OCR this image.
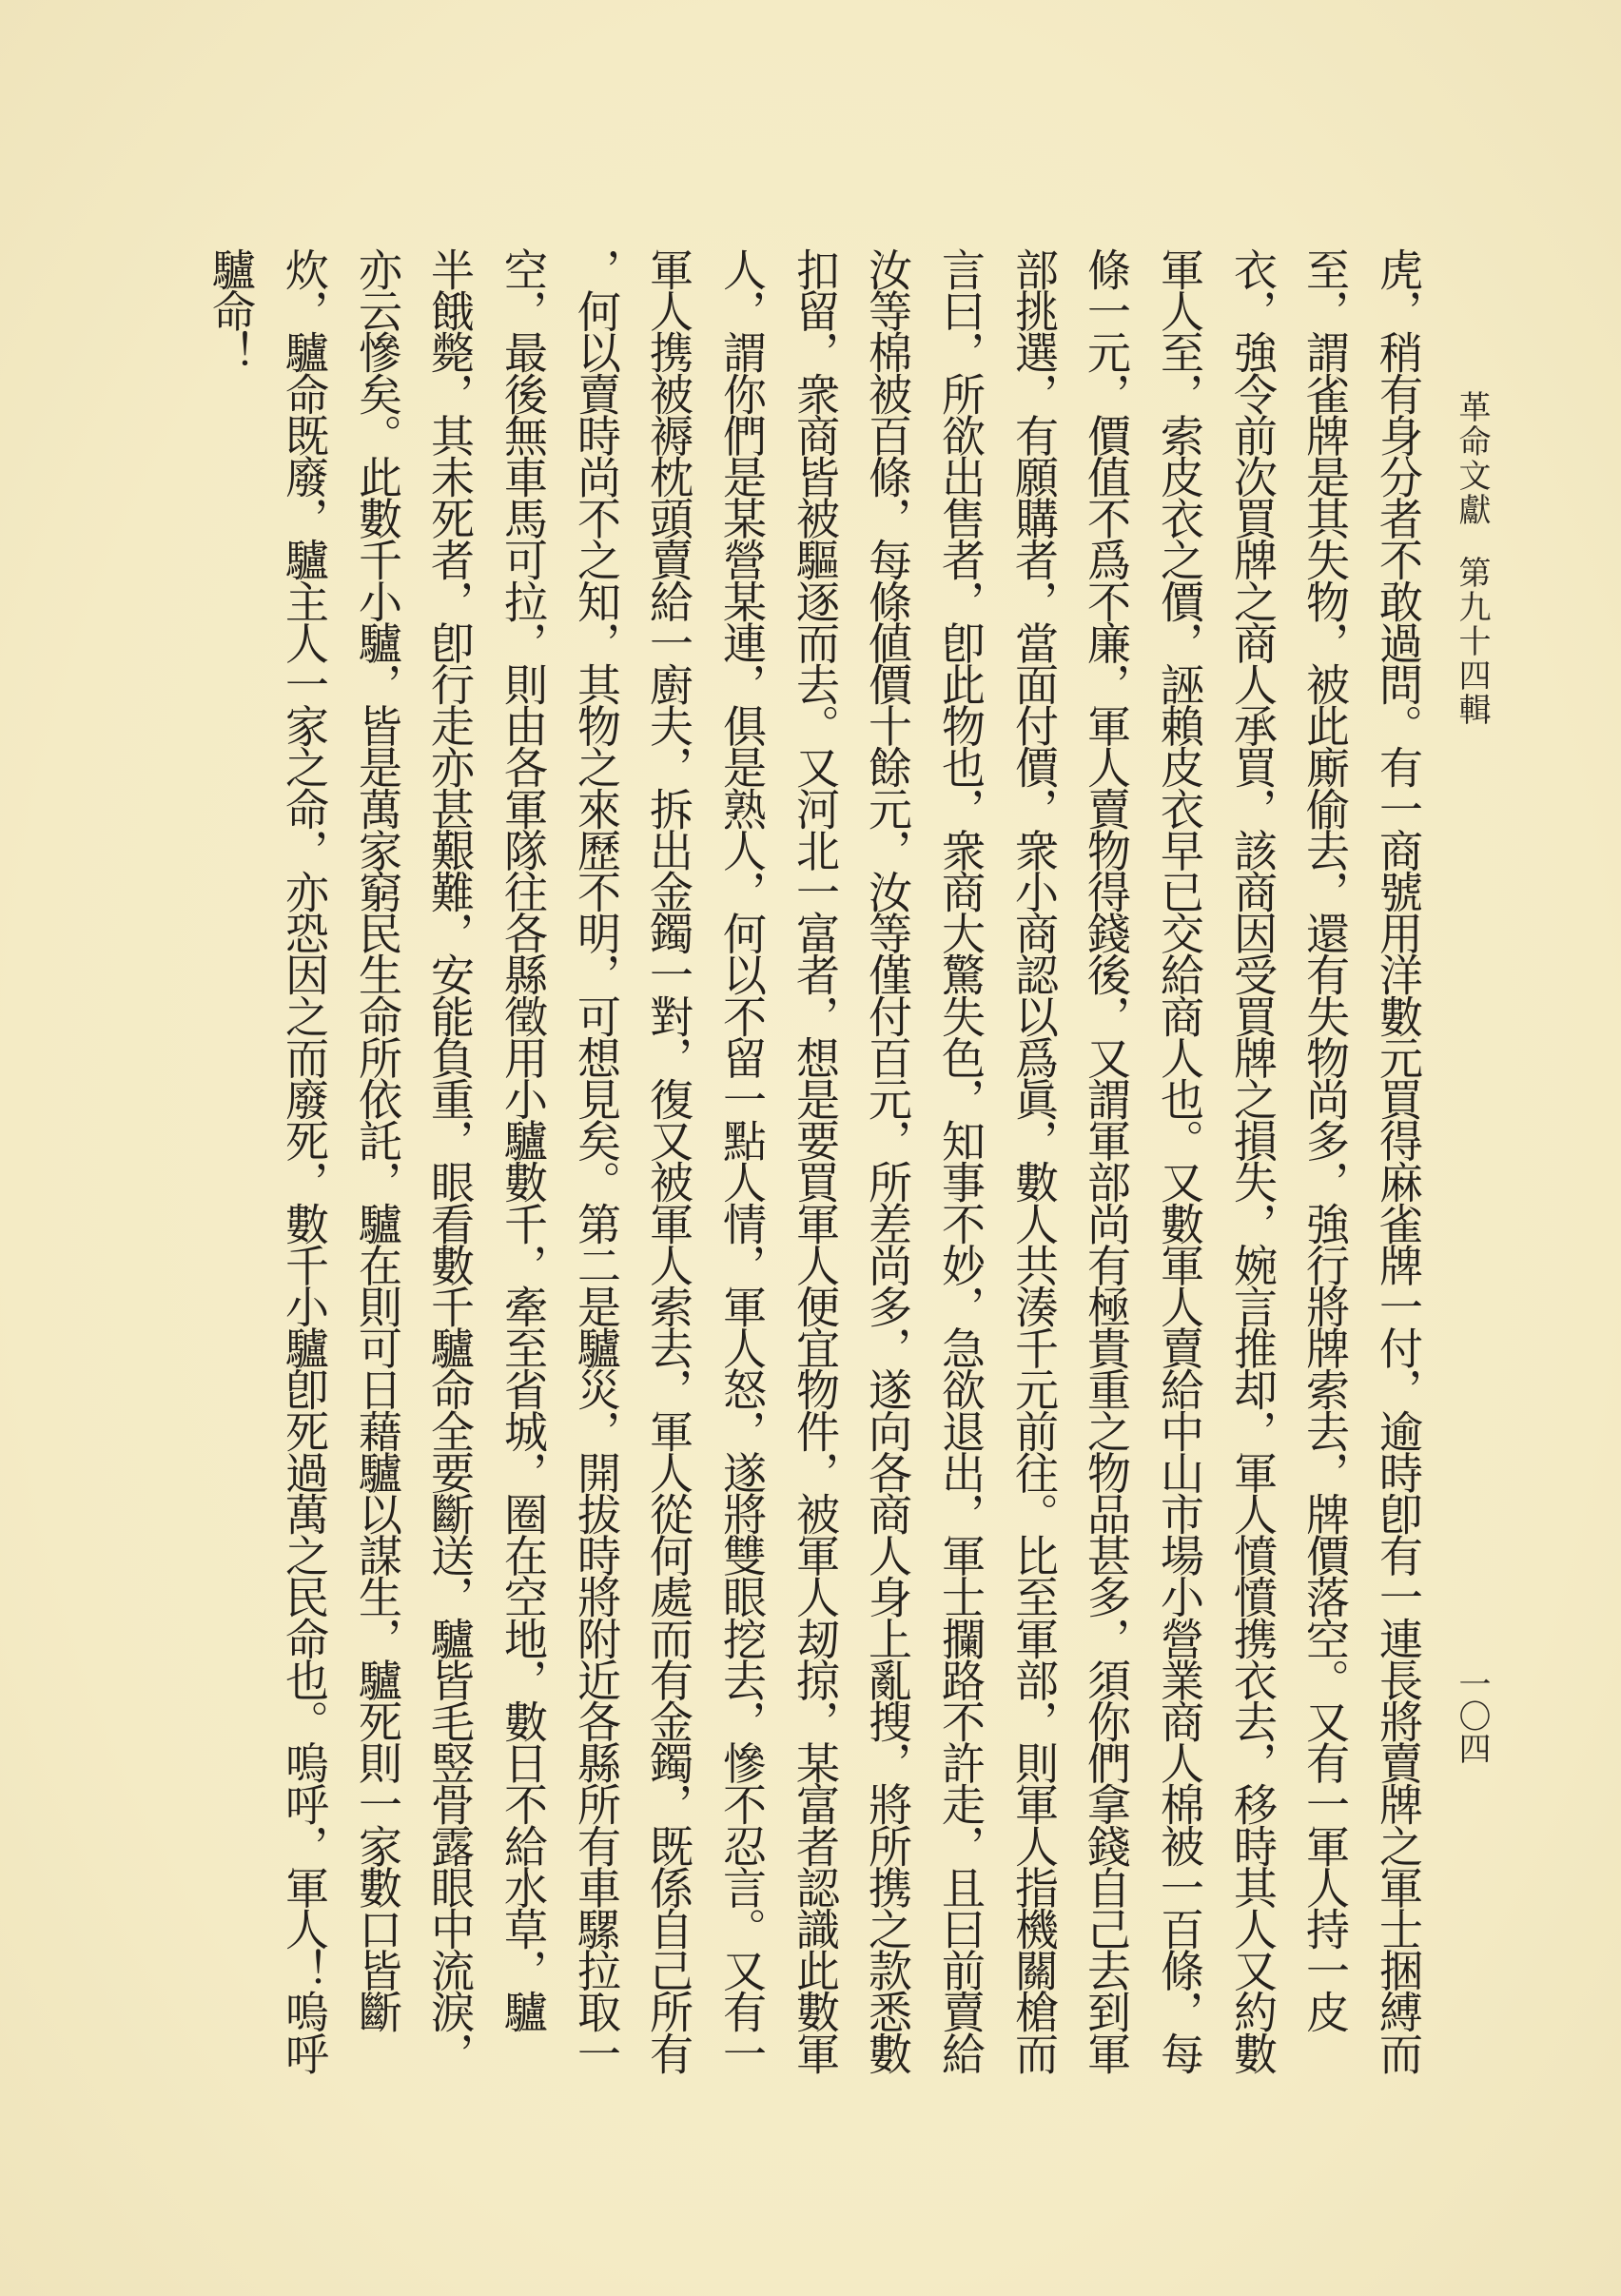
革命文獻第九十四輯
一〇四
虎，稍有身分者不敢過問。有一商號用洋數元買得麻雀牌一付，逾時卽有一連長將賣牌之軍士捆縛而
至，謂雀牌是其失物，被此廝偷去，還有失物尚多，強行將牌索去，牌價落空。又有一軍人持一皮
衣，強令前次買牌之商人承買，該商因受買牌之損失，婉言推却，軍人憤憤携衣去，移時其人又約數
軍人至，索皮衣之價，誣賴皮衣早已交給商人也。又數軍人賣給中山市場小營業商人棉被一百條，每
條一元，價值不爲不廉，軍人賣物得錢後，又謂軍部尚有極貴重之物品甚多，須你們拿錢自己去到軍
部挑選，有願購者，當面付價，衆小商認以爲眞，數人共湊千元前往。比至軍部，則軍人指機關槍而
言曰，所欲出售者，卽此物也，衆商大驚失色，知事不妙，急欲退出，軍士攔路不許走，且曰前賣給
汝等棉被百條，每條値價十餘元，汝等僅付百元，所差尚多，遂向各商人身上亂搜，將所携之款悉數
扣留，衆商皆被驅逐而去。又河北一富者，想是要買軍人便宜物件，被軍人刼掠，某富者認識此數軍
人，謂你們是某營某連，俱是熟人，何以不留一點人情，軍人怒，遂將雙眼挖去，慘不忍言。又有一
軍人携被褥枕頭賣給一廚夫，拆出金鐲一對，復又被軍人索去，軍人從何處而有金鐲，既係自己所有
，何以賣時尚不之知，其物之來歷不明，可想見矣。第二是驢災，開拔時將附近各縣所有車騾拉取一
空，最後無車馬可拉，則由各軍隊往各縣徵用小驢數千，牽至省城，圈在空地，數日不給水草，驢
半餓斃，其未死者，卽行走亦甚艱難，安能負重，眼看數千驢命全要斷送，驢皆毛竪骨露眼中流淚，
亦云慘矣。此數千小驢，皆是萬家窮民生命所依託，驢在則可日藉驢以謀生，驢死則一家數口皆斷
炊，驢命既廢，驢主人一家之命，亦恐因之而廢死，數千小驢卽死過萬之民命也。嗚呼，軍人！嗚呼
驢命！
